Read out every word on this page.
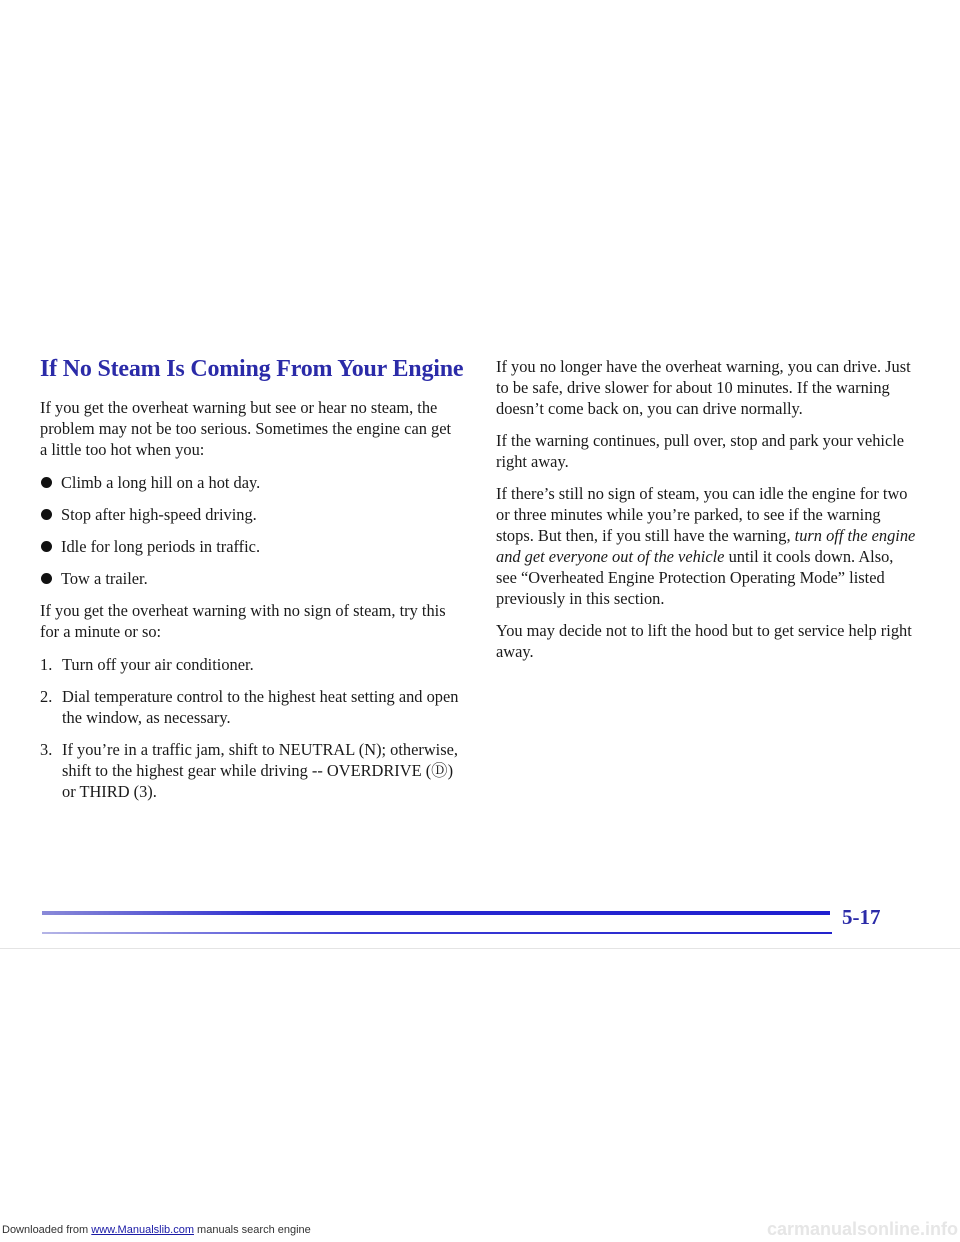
If No Steam Is Coming From Your Engine

If you get the overheat warning but see or hear no steam, the problem may not be too serious. Sometimes the engine can get a little too hot when you:

Climb a long hill on a hot day.
Stop after high-speed driving.
Idle for long periods in traffic.
Tow a trailer.

If you get the overheat warning with no sign of steam, try this for a minute or so:

1. Turn off your air conditioner.
2. Dial temperature control to the highest heat setting and open the window, as necessary.
3. If you’re in a traffic jam, shift to NEUTRAL (N); otherwise, shift to the highest gear while driving -- OVERDRIVE (Ⓓ) or THIRD (3).

If you no longer have the overheat warning, you can drive. Just to be safe, drive slower for about 10 minutes. If the warning doesn’t come back on, you can drive normally.

If the warning continues, pull over, stop and park your vehicle right away.

If there’s still no sign of steam, you can idle the engine for two or three minutes while you’re parked, to see if the warning stops. But then, if you still have the warning, turn off the engine and get everyone out of the vehicle until it cools down. Also, see “Overheated Engine Protection Operating Mode” listed previously in this section.

You may decide not to lift the hood but to get service help right away.

5-17
Downloaded from www.Manualslib.com manuals search engine	carmanualsonline.info
